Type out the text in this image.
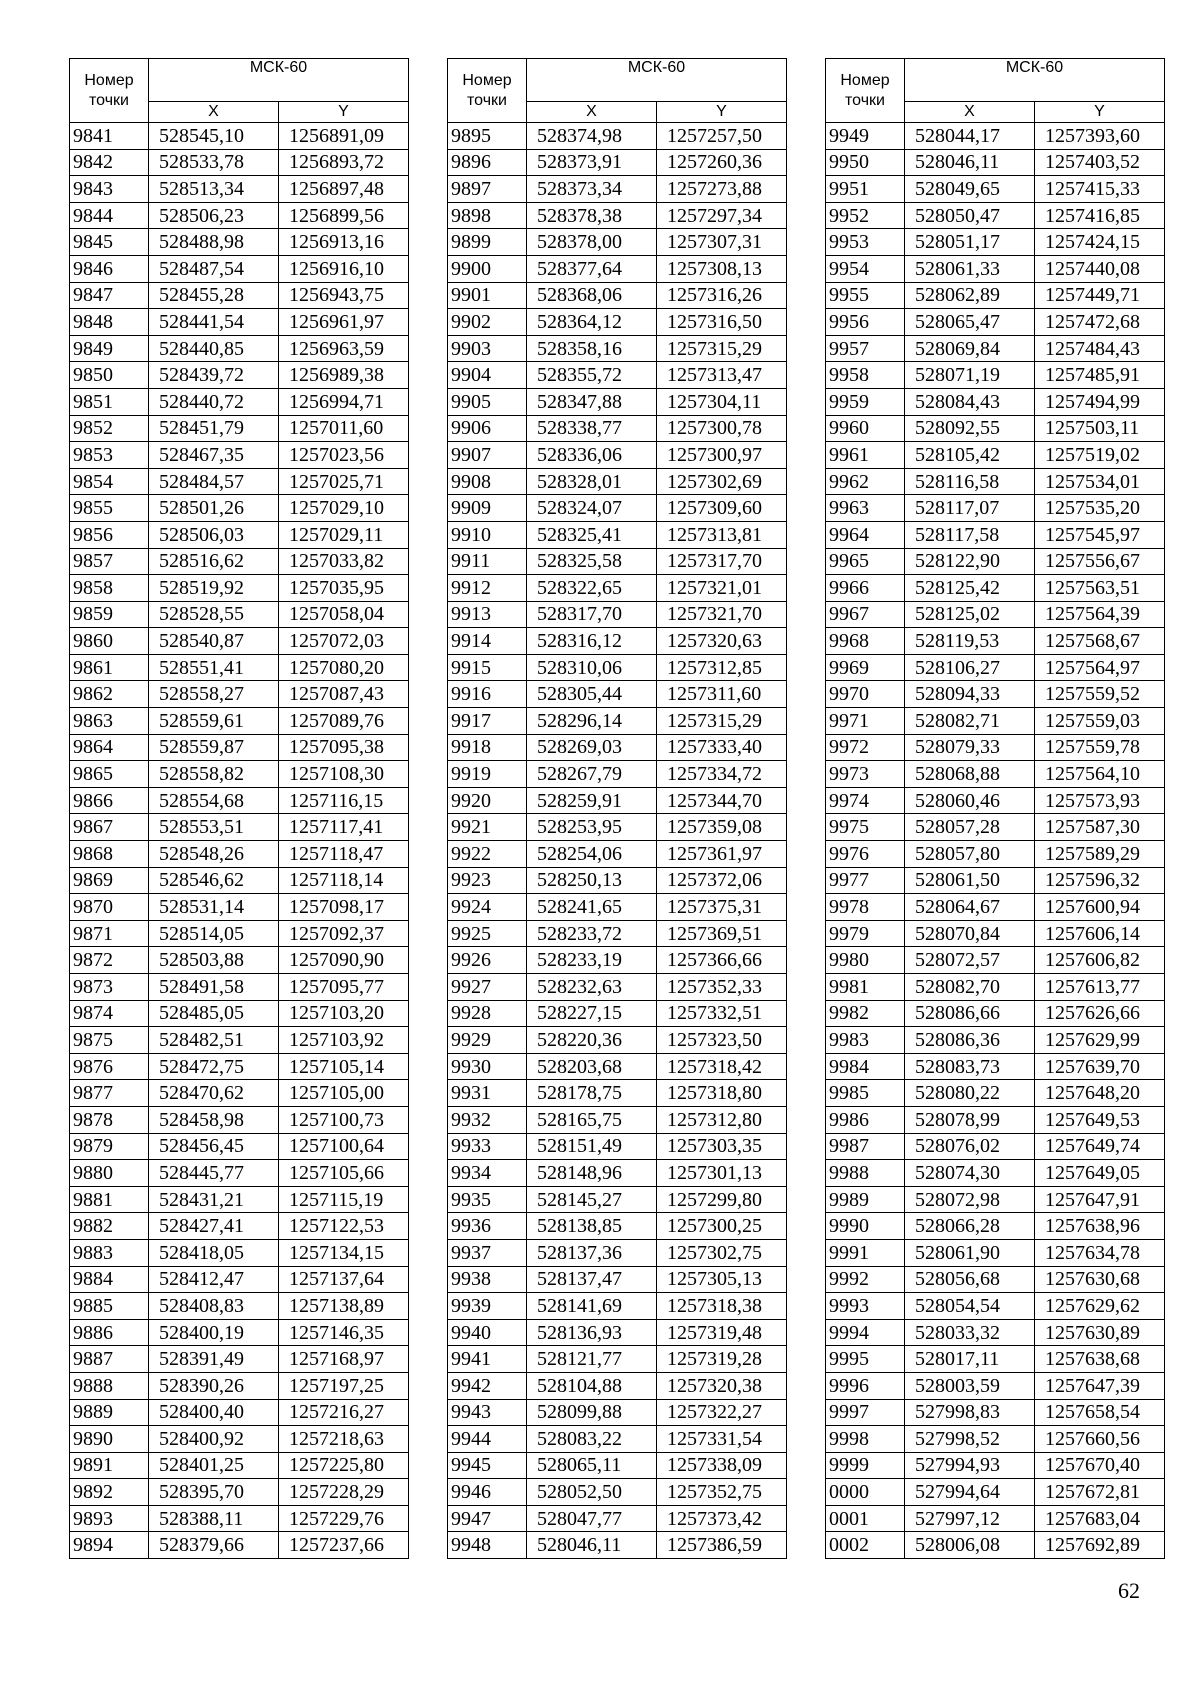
Номер точки	МСК-60	
	X	Y
9841	528545,10	1256891,09
9842	528533,78	1256893,72
9843	528513,34	1256897,48
9844	528506,23	1256899,56
9845	528488,98	1256913,16
9846	528487,54	1256916,10
9847	528455,28	1256943,75
9848	528441,54	1256961,97
9849	528440,85	1256963,59
9850	528439,72	1256989,38
9851	528440,72	1256994,71
9852	528451,79	1257011,60
9853	528467,35	1257023,56
9854	528484,57	1257025,71
9855	528501,26	1257029,10
9856	528506,03	1257029,11
9857	528516,62	1257033,82
9858	528519,92	1257035,95
9859	528528,55	1257058,04
9860	528540,87	1257072,03
9861	528551,41	1257080,20
9862	528558,27	1257087,43
9863	528559,61	1257089,76
9864	528559,87	1257095,38
9865	528558,82	1257108,30
9866	528554,68	1257116,15
9867	528553,51	1257117,41
9868	528548,26	1257118,47
9869	528546,62	1257118,14
9870	528531,14	1257098,17
9871	528514,05	1257092,37
9872	528503,88	1257090,90
9873	528491,58	1257095,77
9874	528485,05	1257103,20
9875	528482,51	1257103,92
9876	528472,75	1257105,14
9877	528470,62	1257105,00
9878	528458,98	1257100,73
9879	528456,45	1257100,64
9880	528445,77	1257105,66
9881	528431,21	1257115,19
9882	528427,41	1257122,53
9883	528418,05	1257134,15
9884	528412,47	1257137,64
9885	528408,83	1257138,89
9886	528400,19	1257146,35
9887	528391,49	1257168,97
9888	528390,26	1257197,25
9889	528400,40	1257216,27
9890	528400,92	1257218,63
9891	528401,25	1257225,80
9892	528395,70	1257228,29
9893	528388,11	1257229,76
9894	528379,66	1257237,66
Номер точки	МСК-60	
	X	Y
9895	528374,98	1257257,50
9896	528373,91	1257260,36
9897	528373,34	1257273,88
9898	528378,38	1257297,34
9899	528378,00	1257307,31
9900	528377,64	1257308,13
9901	528368,06	1257316,26
9902	528364,12	1257316,50
9903	528358,16	1257315,29
9904	528355,72	1257313,47
9905	528347,88	1257304,11
9906	528338,77	1257300,78
9907	528336,06	1257300,97
9908	528328,01	1257302,69
9909	528324,07	1257309,60
9910	528325,41	1257313,81
9911	528325,58	1257317,70
9912	528322,65	1257321,01
9913	528317,70	1257321,70
9914	528316,12	1257320,63
9915	528310,06	1257312,85
9916	528305,44	1257311,60
9917	528296,14	1257315,29
9918	528269,03	1257333,40
9919	528267,79	1257334,72
9920	528259,91	1257344,70
9921	528253,95	1257359,08
9922	528254,06	1257361,97
9923	528250,13	1257372,06
9924	528241,65	1257375,31
9925	528233,72	1257369,51
9926	528233,19	1257366,66
9927	528232,63	1257352,33
9928	528227,15	1257332,51
9929	528220,36	1257323,50
9930	528203,68	1257318,42
9931	528178,75	1257318,80
9932	528165,75	1257312,80
9933	528151,49	1257303,35
9934	528148,96	1257301,13
9935	528145,27	1257299,80
9936	528138,85	1257300,25
9937	528137,36	1257302,75
9938	528137,47	1257305,13
9939	528141,69	1257318,38
9940	528136,93	1257319,48
9941	528121,77	1257319,28
9942	528104,88	1257320,38
9943	528099,88	1257322,27
9944	528083,22	1257331,54
9945	528065,11	1257338,09
9946	528052,50	1257352,75
9947	528047,77	1257373,42
9948	528046,11	1257386,59
Номер точки	МСК-60	
	X	Y
9949	528044,17	1257393,60
9950	528046,11	1257403,52
9951	528049,65	1257415,33
9952	528050,47	1257416,85
9953	528051,17	1257424,15
9954	528061,33	1257440,08
9955	528062,89	1257449,71
9956	528065,47	1257472,68
9957	528069,84	1257484,43
9958	528071,19	1257485,91
9959	528084,43	1257494,99
9960	528092,55	1257503,11
9961	528105,42	1257519,02
9962	528116,58	1257534,01
9963	528117,07	1257535,20
9964	528117,58	1257545,97
9965	528122,90	1257556,67
9966	528125,42	1257563,51
9967	528125,02	1257564,39
9968	528119,53	1257568,67
9969	528106,27	1257564,97
9970	528094,33	1257559,52
9971	528082,71	1257559,03
9972	528079,33	1257559,78
9973	528068,88	1257564,10
9974	528060,46	1257573,93
9975	528057,28	1257587,30
9976	528057,80	1257589,29
9977	528061,50	1257596,32
9978	528064,67	1257600,94
9979	528070,84	1257606,14
9980	528072,57	1257606,82
9981	528082,70	1257613,77
9982	528086,66	1257626,66
9983	528086,36	1257629,99
9984	528083,73	1257639,70
9985	528080,22	1257648,20
9986	528078,99	1257649,53
9987	528076,02	1257649,74
9988	528074,30	1257649,05
9989	528072,98	1257647,91
9990	528066,28	1257638,96
9991	528061,90	1257634,78
9992	528056,68	1257630,68
9993	528054,54	1257629,62
9994	528033,32	1257630,89
9995	528017,11	1257638,68
9996	528003,59	1257647,39
9997	527998,83	1257658,54
9998	527998,52	1257660,56
9999	527994,93	1257670,40
0000	527994,64	1257672,81
0001	527997,12	1257683,04
0002	528006,08	1257692,89
62
